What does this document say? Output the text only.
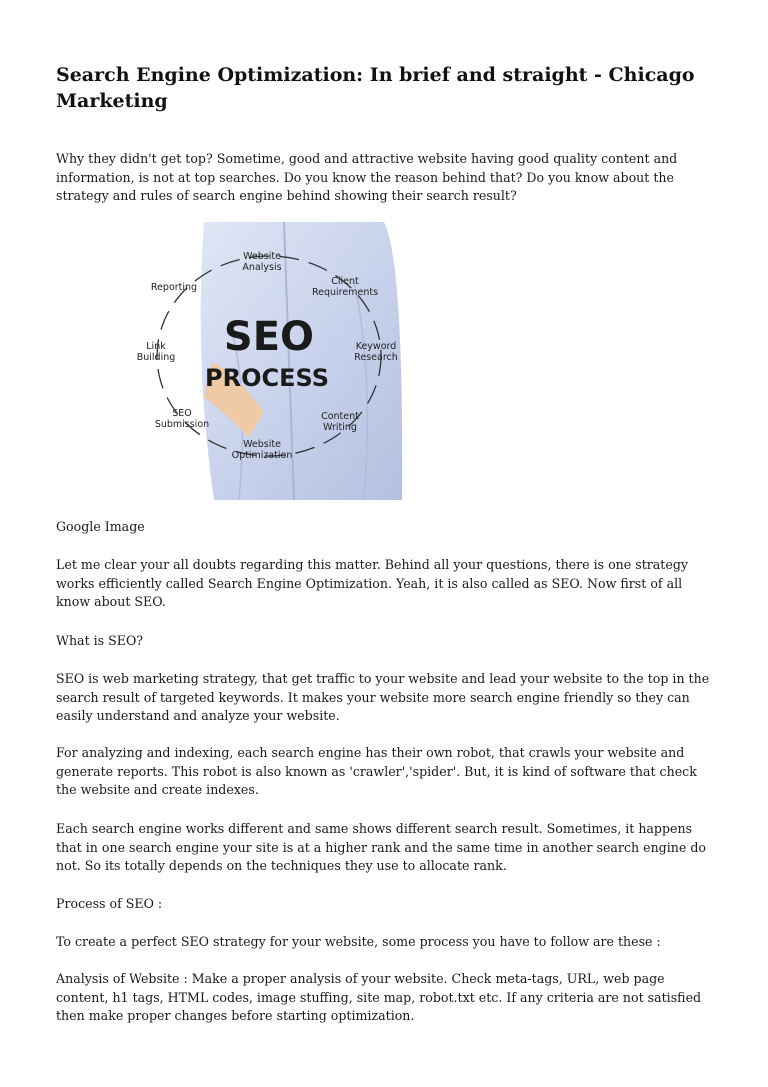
Search Engine Optimization: In brief and straight - Chicago Marketing

Why they didn't get top? Sometime, good and attractive website having good quality content and information, is not at top searches. Do you know the reason behind that? Do you know about the strategy and rules of search engine behind showing their search result?

SEO
PROCESS
Website
Analysis
Client
Requirements
Keyword
Research
Content
Writing
Website
Optimization
SEO
Submission
Link
Building
Reporting

Google Image

Let me clear your all doubts regarding this matter. Behind all your questions, there is one strategy works efficiently called Search Engine Optimization. Yeah, it is also called as SEO. Now first of all know about SEO.

What is SEO?

SEO is web marketing strategy, that get traffic to your website and lead your website to the top in the search result of targeted keywords. It makes your website more search engine friendly so they can easily understand and analyze your website.

For analyzing and indexing, each search engine has their own robot, that crawls your website and generate reports. This robot is also known as 'crawler','spider'. But, it is kind of software that check the website and create indexes.

Each search engine works different and same shows different search result. Sometimes, it happens that in one search engine your site is at a higher rank and the same time in another search engine do not. So its totally depends on the techniques they use to allocate rank.

Process of SEO :

To create a perfect SEO strategy for your website, some process you have to follow are these :

Analysis of Website : Make a proper analysis of your website. Check meta-tags, URL, web page content, h1 tags, HTML codes, image stuffing, site map, robot.txt etc. If any criteria are not satisfied then make proper changes before starting optimization.
